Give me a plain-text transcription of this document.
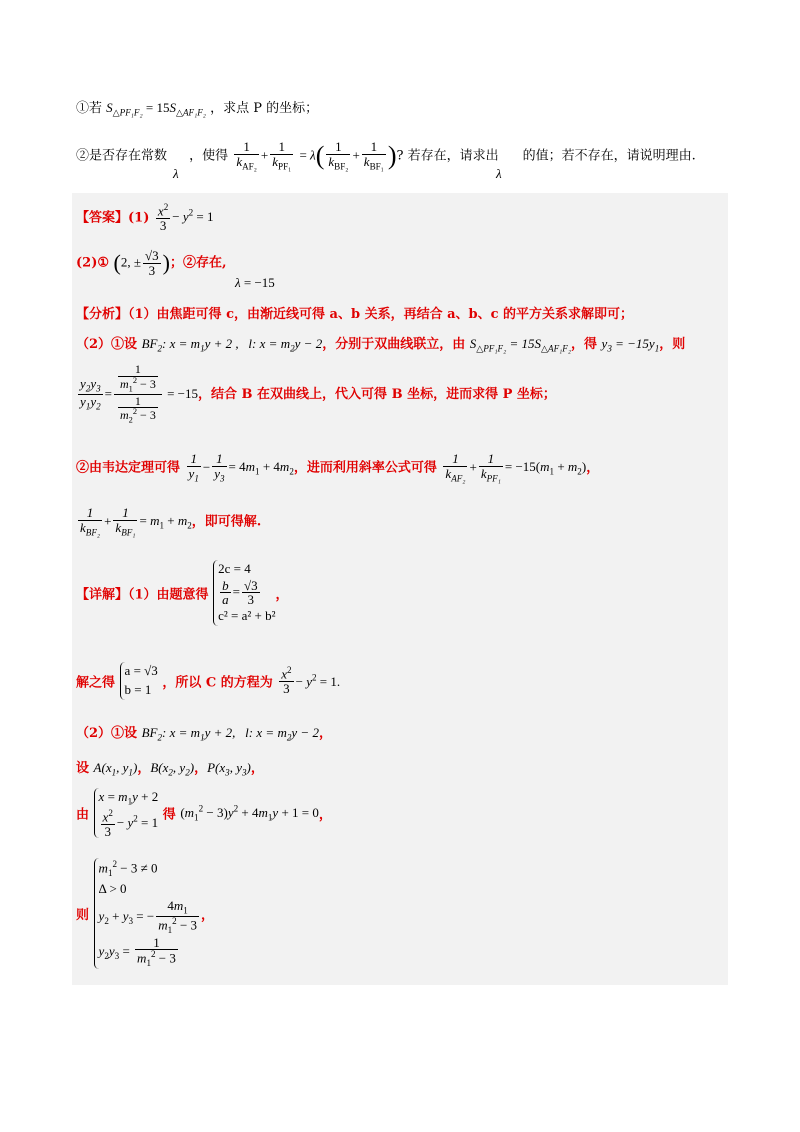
①若 $S_{\triangle PF_1F_2} = 15S_{\triangle AF_1F_2}$ ，求点 P 的坐标；
②是否存在常数 ，使得 $\frac{1}{k_{AF_2}} + \frac{1}{k_{PF_1}} = \lambda( \frac{1}{k_{BF_2}} + \frac{1}{k_{BF_1}}$ )? 若存在，请求出 的值；若不存在，请说明理由.
λ	λ
【答案】$(1) \frac{x^2}{3} - y^2 = 1$
(2)① (2, ± $\frac{√3}{3}$ )；②存在,
λ = −15
【分析】（1）由焦距可得 c，由渐近线可得 a、b 关系，再结合 a、b、c 的平方关系求解即可；
（2）①设 $BF_2$: $x = m_1y + 2$ ,   l: $x = m_2y - 2$，分别于双曲线联立，由 $S_{\triangle PF_1F_2} = 15S_{\triangle AF_1F_2}$，得 $y_3 = -15y_1$，则
$\frac{y_2y_3}{y_1y_2} = \frac{\frac{1}{m_1^2 - 3}}{\frac{1}{m_2^2 - 3}} = -15$，结合 B 在双曲线上，代入可得 B 坐标，进而求得 P 坐标；
②由韦达定理可得 $\frac{1}{y_1} - \frac{1}{y_3} = 4m_1 + 4m_2$，进而利用斜率公式可得 $\frac{1}{k_{AF_2}} + \frac{1}{k_{PF_1}} = -15(m_1 + m_2)$，
$\frac{1}{k_{BF_2}} + \frac{1}{k_{BF_1}} = m_1 + m_2$，即可得解.
【详解】（1）由题意得
2c = 4
$\frac{b}{a} = \frac{√3}{3}$
c² = a² + b²
，
解之得
a = √3
b = 1 ，所以 C 的方程为 $\frac{x^2}{3} - y^2 = 1$.
（2）①设 $BF_2$: $x = m_1y + 2$,   l: $x = m_2y - 2$，
设 $A(x_1$, $y_1$)，$B(x_2$, $y_2$)，$P(x_3$, $y_3$)，
由
$x = m_1y + 2$
$\frac{x^2}{3} - y^2 = 1$ 得 $(m_1^2 - 3)y^2 + 4m_1y + 1 = 0$，
则
$m_1^2 - 3 \ne 0$
Δ > 0
$y_2 + y_3$ = − $\frac{4m_1}{m_1^2 - 3}$
$y_2y_3 = \frac{1}{m_1^2 - 3}$
，
